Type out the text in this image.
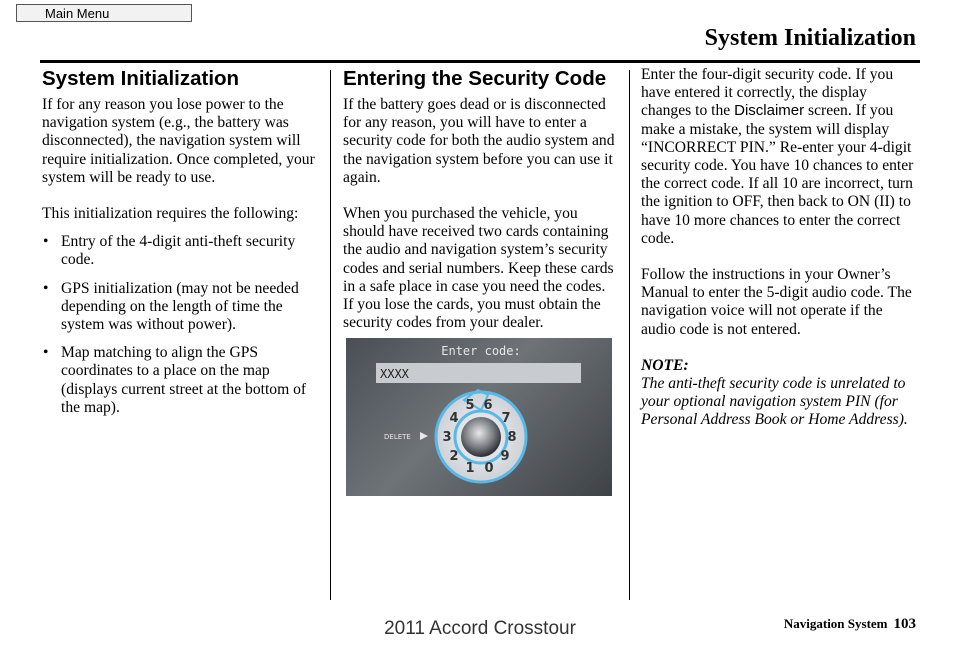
Main Menu
System Initialization
System Initialization

If for any reason you lose power to the navigation system (e.g., the battery was disconnected), the navigation system will require initialization. Once completed, your system will be ready to use.

This initialization requires the following:

• Entry of the 4-digit anti-theft security code.
• GPS initialization (may not be needed depending on the length of time the system was without power).
• Map matching to align the GPS coordinates to a place on the map (displays current street at the bottom of the map).
Entering the Security Code

If the battery goes dead or is disconnected for any reason, you will have to enter a security code for both the audio system and the navigation system before you can use it again.

When you purchased the vehicle, you should have received two cards containing the audio and navigation system’s security codes and serial numbers. Keep these cards in a safe place in case you need the codes. If you lose the cards, you must obtain the security codes from your dealer.

Enter code:
XXXX
5 6
7
8
9
0
1
2
3
4
DELETE

Enter the four-digit security code. If you have entered it correctly, the display changes to the Disclaimer screen. If you make a mistake, the system will display “INCORRECT PIN.” Re-enter your 4-digit security code. You have 10 chances to enter the correct code. If all 10 are incorrect, turn the ignition to OFF, then back to ON (II) to have 10 more chances to enter the correct code.

Follow the instructions in your Owner’s Manual to enter the 5-digit audio code. The navigation voice will not operate if the audio code is not entered.

NOTE:

The anti-theft security code is unrelated to your optional navigation system PIN (for Personal Address Book or Home Address).

Navigation System 103
2011 Accord Crosstour
